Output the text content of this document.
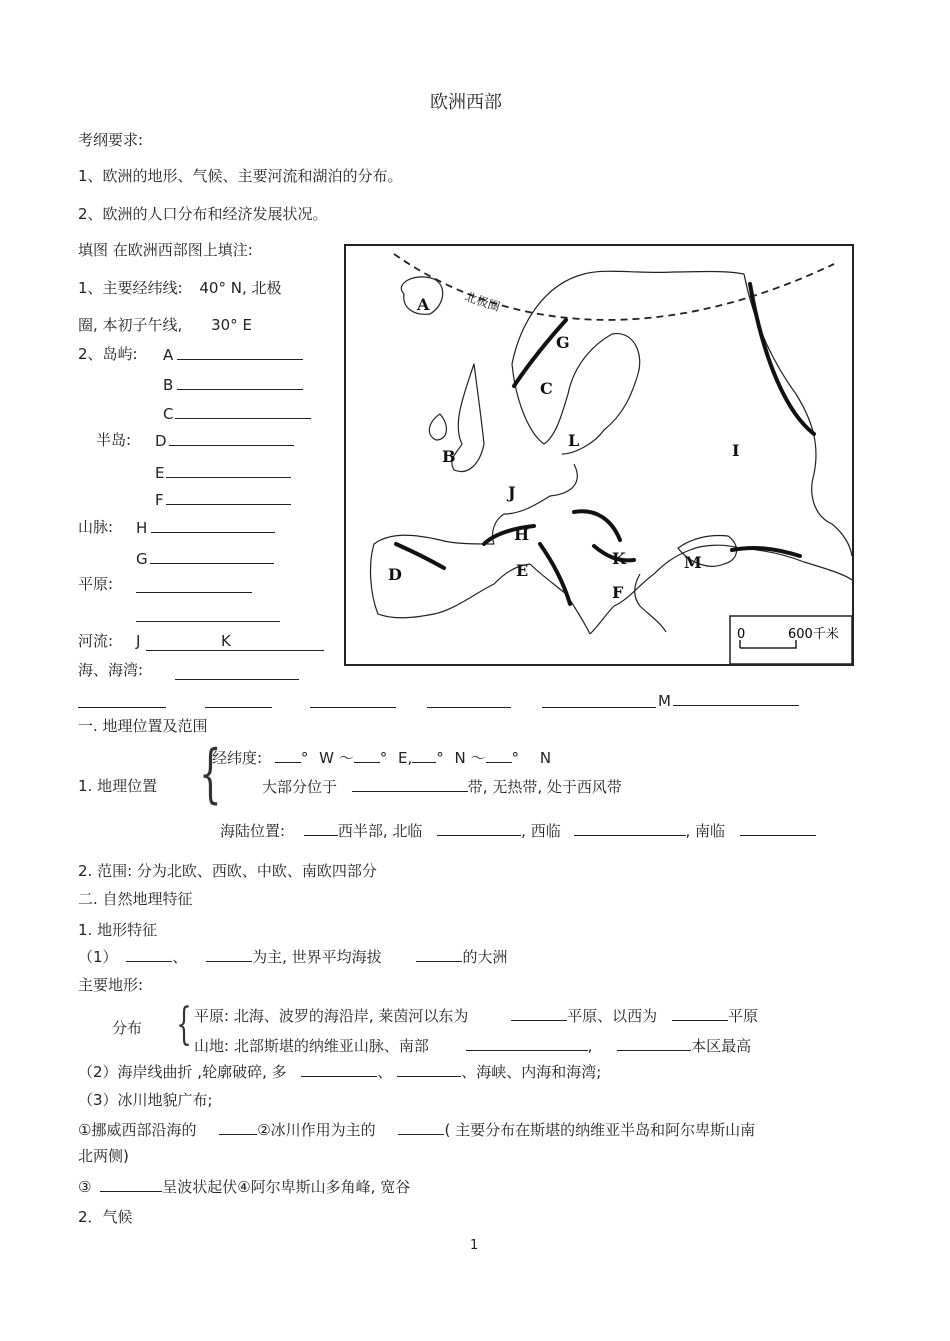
欧洲西部
考纲要求:
1、欧洲的地形、气候、主要河流和湖泊的分布。
2、欧洲的人口分布和经济发展状况。
填图 在欧洲西部图上填注:
1、主要经纬线: 40° N, 北极
圈, 本初子午线, 30° E
2、岛屿: A
B
C
半岛: D
E
F
山脉: H
G
平原:
河流: J	K
海、海湾:
M
北极圈
A
B
C
D	E
F
G
H
I
J
K
L
M
0	600千米
一. 地理位置及范围
1. 地理位置 {
经纬度:	° W ～ ° E, ° N ～ ° N
大部分位于	带, 无热带, 处于西风带
海陆位置:	西半部, 北临	, 西临	, 南临
2. 范围: 分为北欧、西欧、中欧、南欧四部分
二. 自然地理特征
1. 地形特征
（1）	、	为主, 世界平均海拔	的大洲
主要地形:
分布 { 平原: 北海、波罗的海沿岸, 莱茵河以东为	平原、以西为	平原
山地: 北部斯堪的纳维亚山脉、南部	,	本区最高
（2）海岸线曲折 ,轮廓破碎, 多	、	、海峡、内海和海湾;
（3）冰川地貌广布;
①挪威西部沿海的	②冰川作用为主的	( 主要分布在斯堪的纳维亚半岛和阿尔卑斯山南
北两侧)
③	呈波状起伏④阿尔卑斯山多角峰, 宽谷
2．气候
1
